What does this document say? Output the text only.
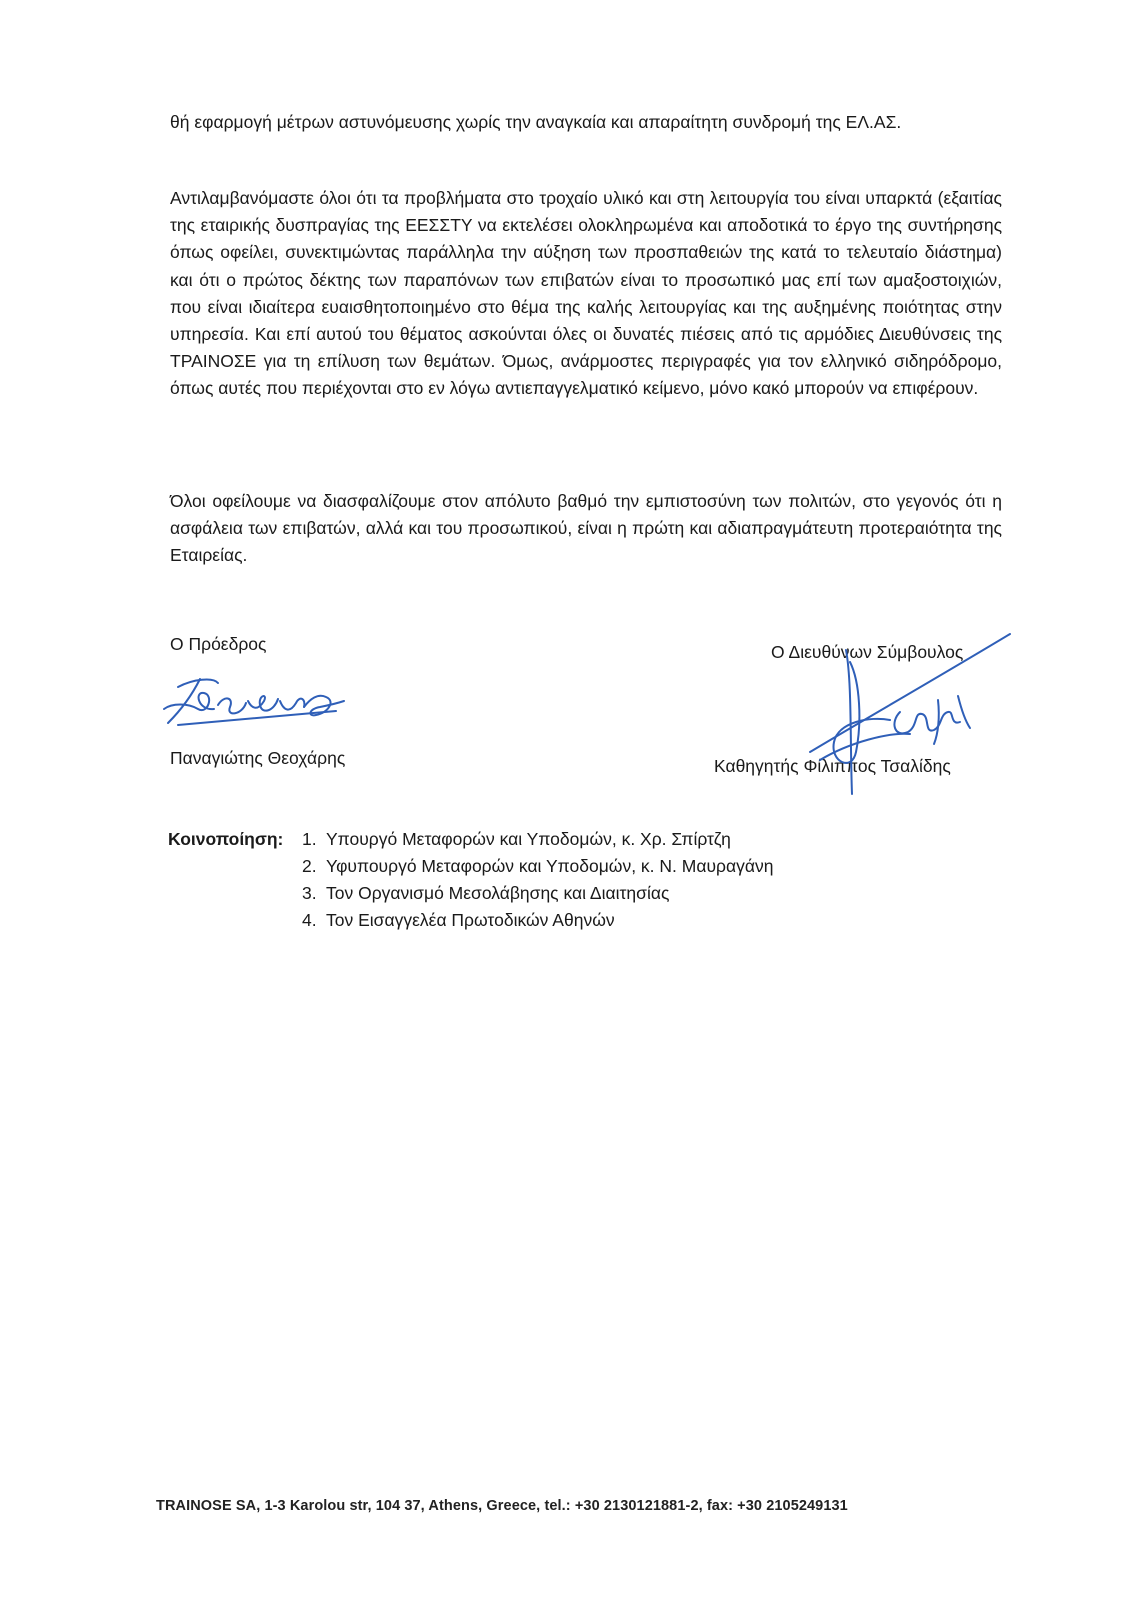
θή εφαρμογή μέτρων αστυνόμευσης χωρίς την αναγκαία και απαραίτητη συνδρομή της ΕΛ.ΑΣ.

Αντιλαμβανόμαστε όλοι ότι τα προβλήματα στο τροχαίο υλικό και στη λειτουργία του είναι υπαρκτά (εξαιτίας της εταιρικής δυσπραγίας της ΕΕΣΣΤΥ να εκτελέσει ολοκληρωμένα και αποδοτικά το έργο της συντήρησης όπως οφείλει, συνεκτιμώντας παράλληλα την αύξηση των προσπαθειών της κατά το τελευταίο διάστημα) και ότι ο πρώτος δέκτης των παραπόνων των επιβατών είναι το προσωπικό μας επί των αμαξοστοιχιών, που είναι ιδιαίτερα ευαισθητοποιημένο στο θέμα της καλής λειτουργίας και της αυξημένης ποιότητας στην υπηρεσία. Και επί αυτού του θέματος ασκούνται όλες οι δυνατές πιέσεις από τις αρμόδιες Διευθύνσεις της ΤΡΑΙΝΟΣΕ για τη επίλυση των θεμάτων. Όμως, ανάρμοστες περιγραφές για τον ελληνικό σιδηρόδρομο, όπως αυτές που περιέχονται στο εν λόγω αντιεπαγγελματικό κείμενο, μόνο κακό μπορούν να επιφέρουν.

Όλοι οφείλουμε να διασφαλίζουμε στον απόλυτο βαθμό την εμπιστοσύνη των πολιτών, στο γεγονός ότι η ασφάλεια των επιβατών, αλλά και του προσωπικού, είναι η πρώτη και αδιαπραγμάτευτη προτεραιότητα της Εταιρείας.

Ο Πρόεδρος
Παναγιώτης Θεοχάρης
Ο Διευθύνων Σύμβουλος
Καθηγητής Φίλιππος Τσαλίδης
Κοινοποίηση:	1. Υπουργό Μεταφορών και Υποδομών, κ. Χρ. Σπίρτζη
2. Υφυπουργό Μεταφορών και Υποδομών, κ. Ν. Μαυραγάνη
3. Τον Οργανισμό Μεσολάβησης και Διαιτησίας
4. Τον Εισαγγελέα Πρωτοδικών Αθηνών
TRAINOSE SA, 1-3 Karolou str, 104 37, Athens, Greece, tel.: +30 2130121881-2, fax: +30 2105249131
